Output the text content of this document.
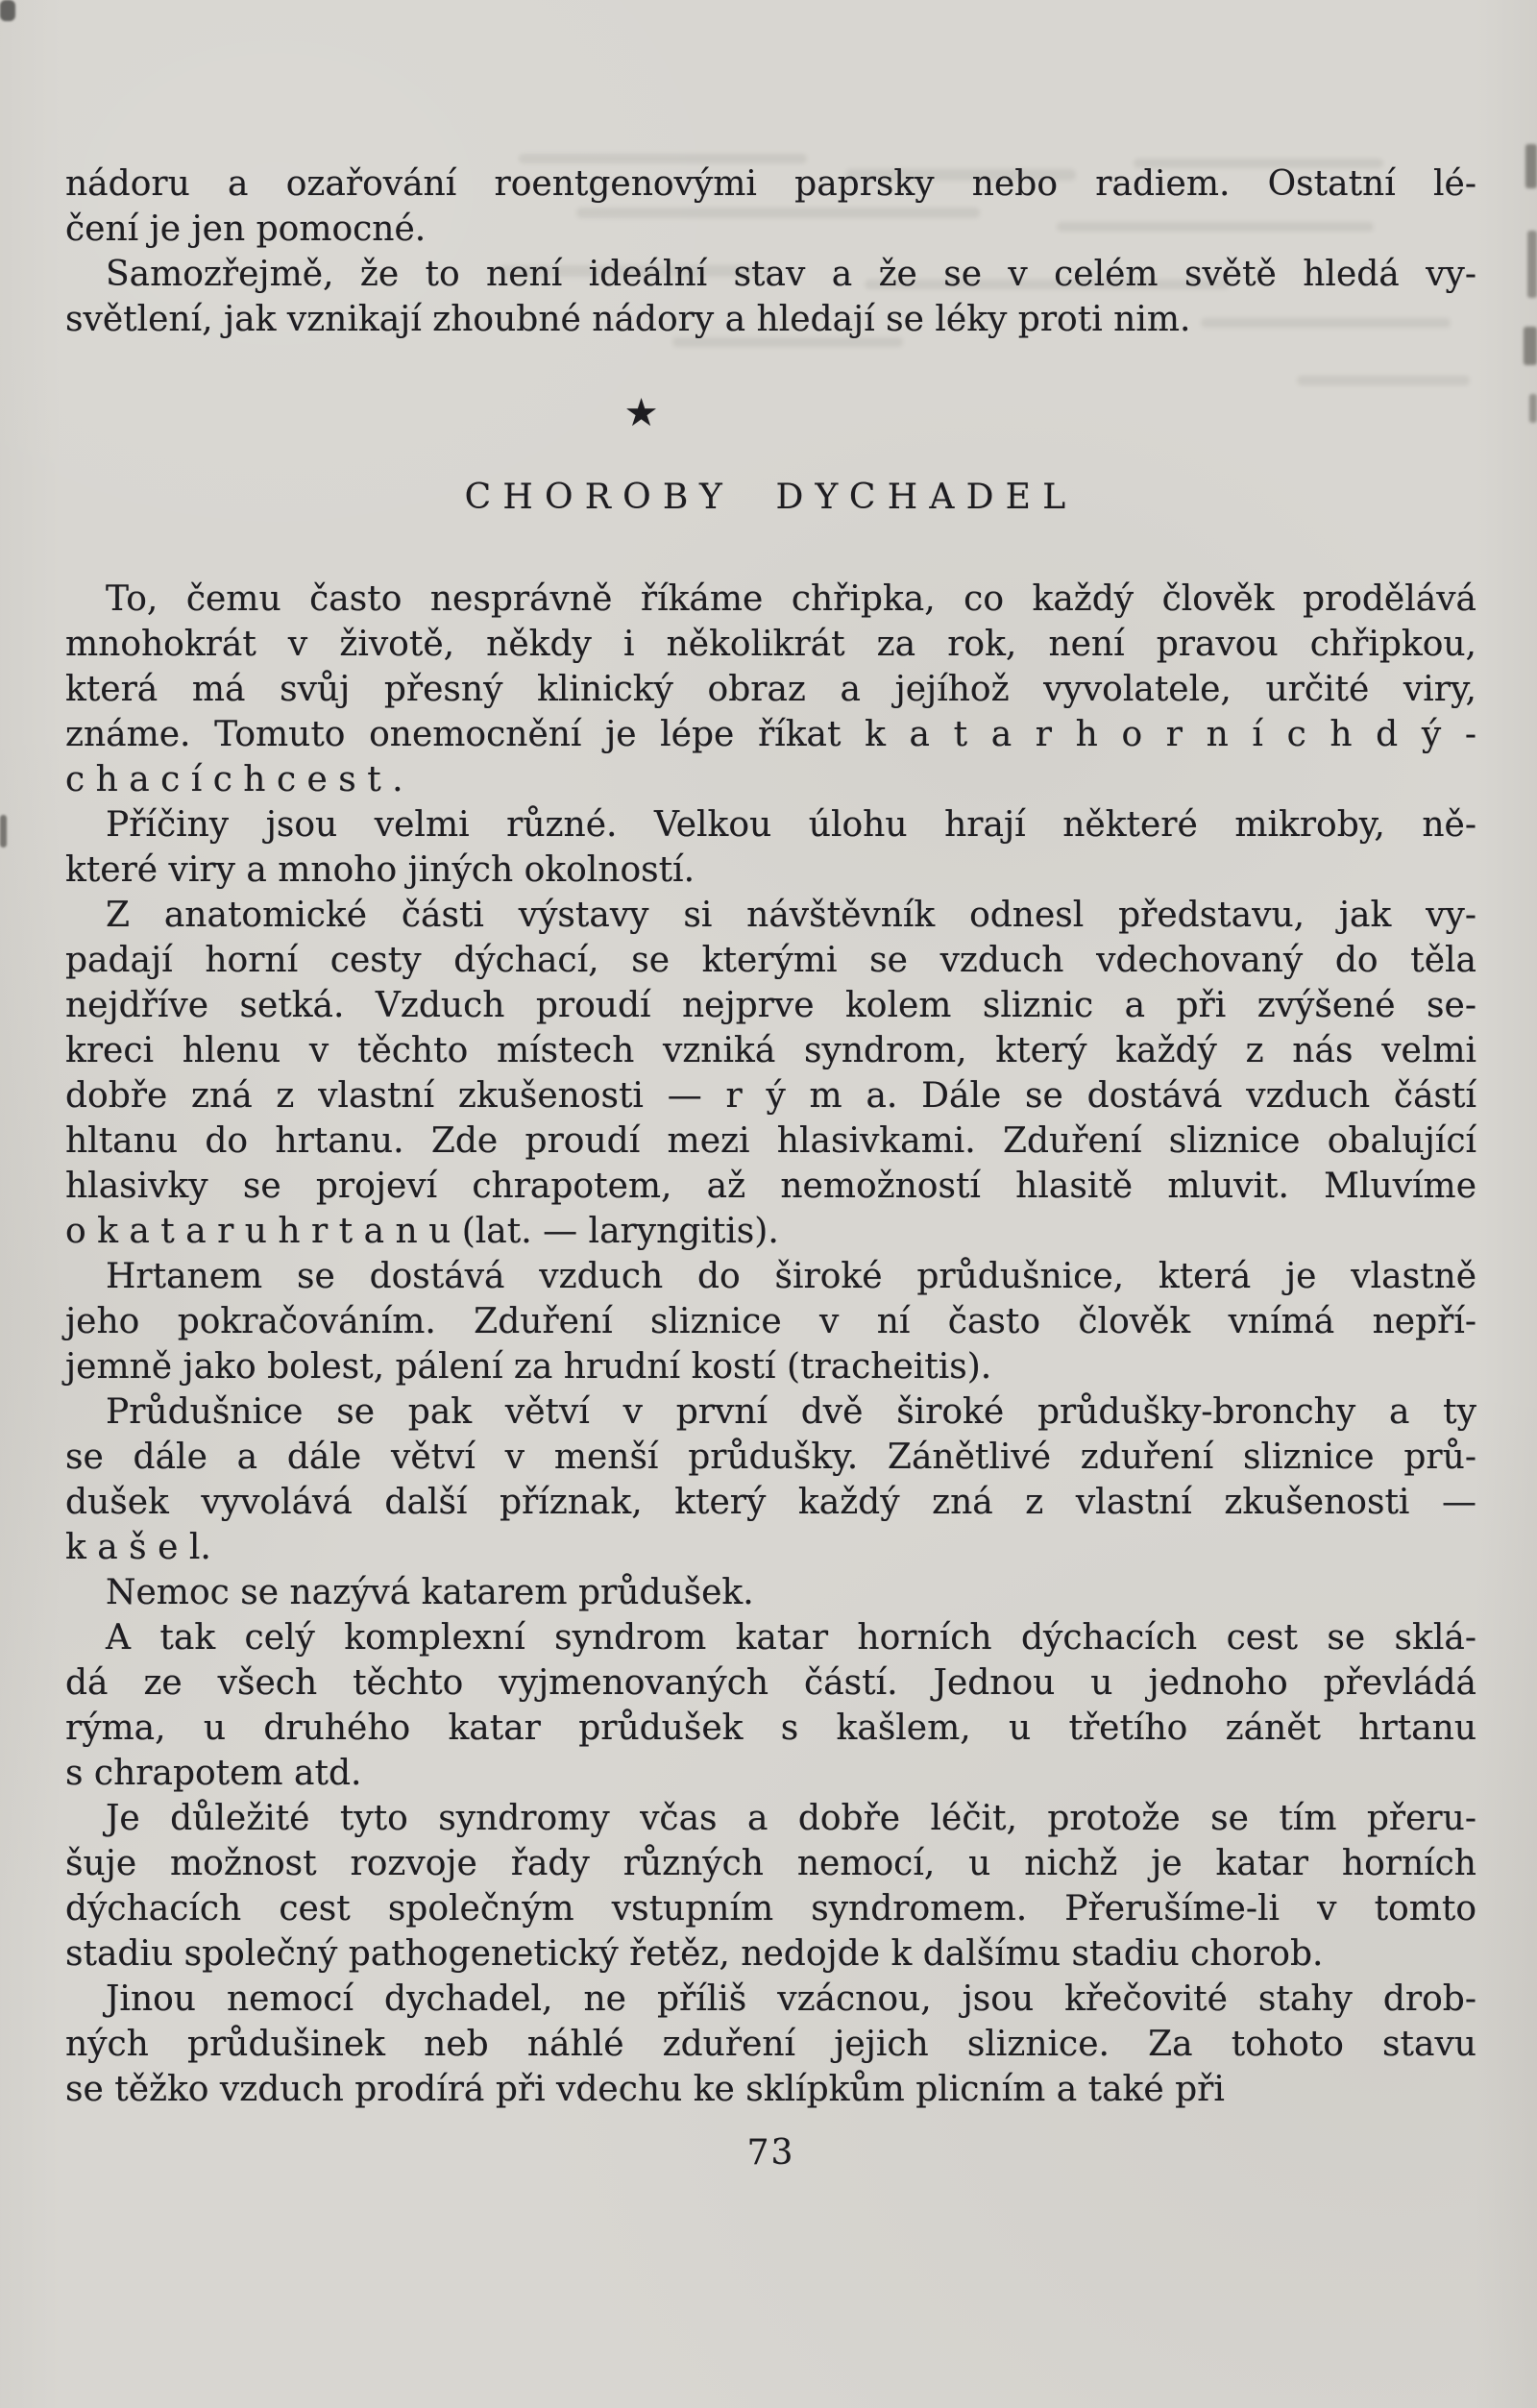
nádoru a ozařování roentgenovými paprsky nebo radiem. Ostatní lé-
čení je jen pomocné.
Samozřejmě, že to není ideální stav a že se v celém světě hledá vy-
světlení, jak vznikají zhoubné nádory a hledají se léky proti nim.
★
CHOROBY DYCHADEL
To, čemu často nesprávně říkáme chřipka, co každý člověk prodělává
mnohokrát v životě, někdy i několikrát za rok, není pravou chřipkou,
která má svůj přesný klinický obraz a jejíhož vyvolatele, určité viry,
známe. Tomuto onemocnění je lépe říkat k a t a r h o r n í c h d ý -
c h a c í c h c e s t .
Příčiny jsou velmi různé. Velkou úlohu hrají některé mikroby, ně-
které viry a mnoho jiných okolností.
Z anatomické části výstavy si návštěvník odnesl představu, jak vy-
padají horní cesty dýchací, se kterými se vzduch vdechovaný do těla
nejdříve setká. Vzduch proudí nejprve kolem sliznic a při zvýšené se-
kreci hlenu v těchto místech vzniká syndrom, který každý z nás velmi
dobře zná z vlastní zkušenosti — r ý m a. Dále se dostává vzduch částí
hltanu do hrtanu. Zde proudí mezi hlasivkami. Zduření sliznice obalující
hlasivky se projeví chrapotem, až nemožností hlasitě mluvit. Mluvíme
o k a t a r u h r t a n u (lat. — laryngitis).
Hrtanem se dostává vzduch do široké průdušnice, která je vlastně
jeho pokračováním. Zduření sliznice v ní často člověk vnímá nepří-
jemně jako bolest, pálení za hrudní kostí (tracheitis).
Průdušnice se pak větví v první dvě široké průdušky-bronchy a ty
se dále a dále větví v menší průdušky. Zánětlivé zduření sliznice prů-
dušek vyvolává další příznak, který každý zná z vlastní zkušenosti —
k a š e l.
Nemoc se nazývá katarem průdušek.
A tak celý komplexní syndrom katar horních dýchacích cest se sklá-
dá ze všech těchto vyjmenovaných částí. Jednou u jednoho převládá
rýma, u druhého katar průdušek s kašlem, u třetího zánět hrtanu
s chrapotem atd.
Je důležité tyto syndromy včas a dobře léčit, protože se tím přeru-
šuje možnost rozvoje řady různých nemocí, u nichž je katar horních
dýchacích cest společným vstupním syndromem. Přerušíme-li v tomto
stadiu společný pathogenetický řetěz, nedojde k dalšímu stadiu chorob.
Jinou nemocí dychadel, ne příliš vzácnou, jsou křečovité stahy drob-
ných průdušinek neb náhlé zduření jejich sliznice. Za tohoto stavu
se těžko vzduch prodírá při vdechu ke sklípkům plicním a také při
73
